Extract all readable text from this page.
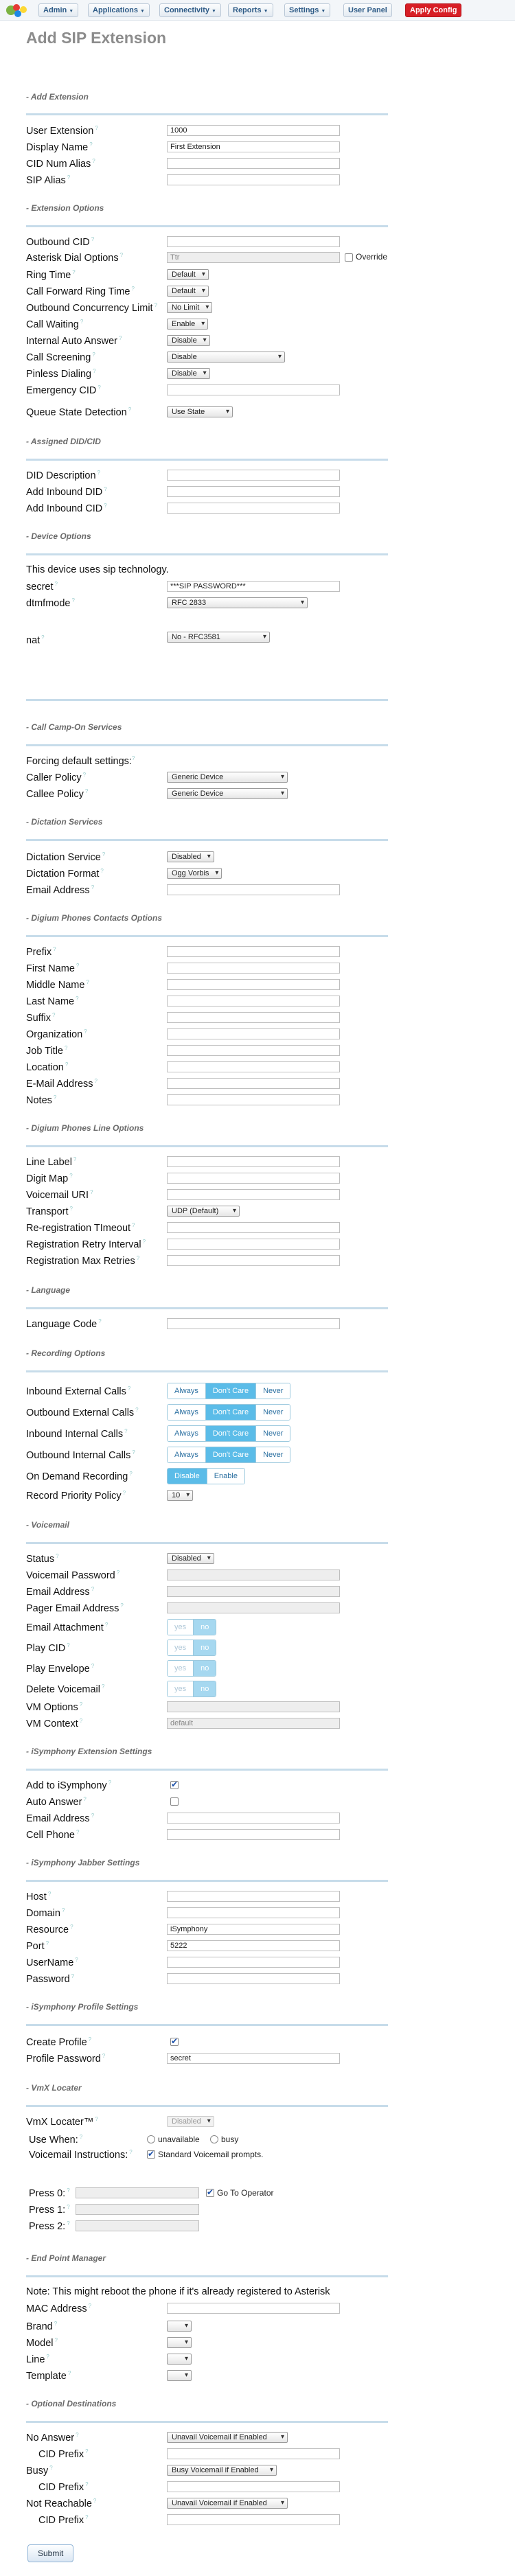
Admin ▼	Applications ▼	Connectivity ▼	Reports ▼	Settings ▼	User Panel	Apply Config
Add SIP Extension
- Add Extension
User Extension ?
1000
Display Name ?
First Extension
CID Num Alias ?
SIP Alias ?
- Extension Options
Outbound CID ?
Asterisk Dial Options ?
Ttr	Override
Ring Time ?	Default ▾
Call Forward Ring Time ?	Default ▾
Outbound Concurrency Limit ?	No Limit ▾
Call Waiting ?	Enable ▾
Internal Auto Answer ?	Disable ▾
Call Screening ?	Disable ▾
Pinless Dialing ?	Disable ▾
Emergency CID ?
Queue State Detection ?	Use State ▾
- Assigned DID/CID
DID Description ?
Add Inbound DID ?
Add Inbound CID ?
- Device Options
This device uses sip technology.
secret ?
***SIP PASSWORD***
dtmfmode ?	RFC 2833 ▾
nat ?	No - RFC3581 ▾
- Call Camp-On Services
Forcing default settings:?
Caller Policy ?	Generic Device ▾
Callee Policy ?	Generic Device ▾
- Dictation Services
Dictation Service ?	Disabled ▾
Dictation Format ?	Ogg Vorbis ▾
Email Address ?
- Digium Phones Contacts Options
Prefix ?
First Name ?
Middle Name ?
Last Name ?
Suffix ?
Organization ?
Job Title ?
Location ?
E-Mail Address ?
Notes ?
- Digium Phones Line Options
Line Label ?
Digit Map ?
Voicemail URI ?
Transport ?	UDP (Default) ▾
Re-registration TImeout ?
Registration Retry Interval ?
Registration Max Retries ?
- Language
Language Code ?
- Recording Options
Inbound External Calls ?	Always	Don't Care	Never
Outbound External Calls ?	Always	Don't Care	Never
Inbound Internal Calls ?	Always	Don't Care	Never
Outbound Internal Calls ?	Always	Don't Care	Never
On Demand Recording ?	Disable	Enable
Record Priority Policy ?	10 ▾
- Voicemail
Status ?	Disabled ▾
Voicemail Password ?
Email Address ?
Pager Email Address ?
Email Attachment ?	yes	no
Play CID ?	yes	no
Play Envelope ?	yes	no
Delete Voicemail ?	yes	no
VM Options ?
VM Context ?
default
- iSymphony Extension Settings
Add to iSymphony ?
✔
Auto Answer ?
Email Address ?
Cell Phone ?
- iSymphony Jabber Settings
Host ?
Domain ?
Resource ?
iSymphony
Port ?
5222
UserName ?
Password ?
- iSymphony Profile Settings
Create Profile ?
✔
Profile Password ?
secret
- VmX Locater
VmX Locater™ ?	Disabled ▾
Use When: ?	unavailable	busy
Voicemail Instructions: ? ✔	Standard Voicemail prompts.
Press 0: ? ✔	Go To Operator
Press 1: ?
Press 2: ?
- End Point Manager
Note: This might reboot the phone if it's already registered to Asterisk
MAC Address ?
Brand ?
▾
Model ?
▾
Line ?
▾
Template ?
▾
- Optional Destinations
No Answer ?	Unavail Voicemail if Enabled ▾
CID Prefix ?
Busy ?	Busy Voicemail if Enabled ▾
CID Prefix ?
Not Reachable ?	Unavail Voicemail if Enabled ▾
CID Prefix ?
Submit
